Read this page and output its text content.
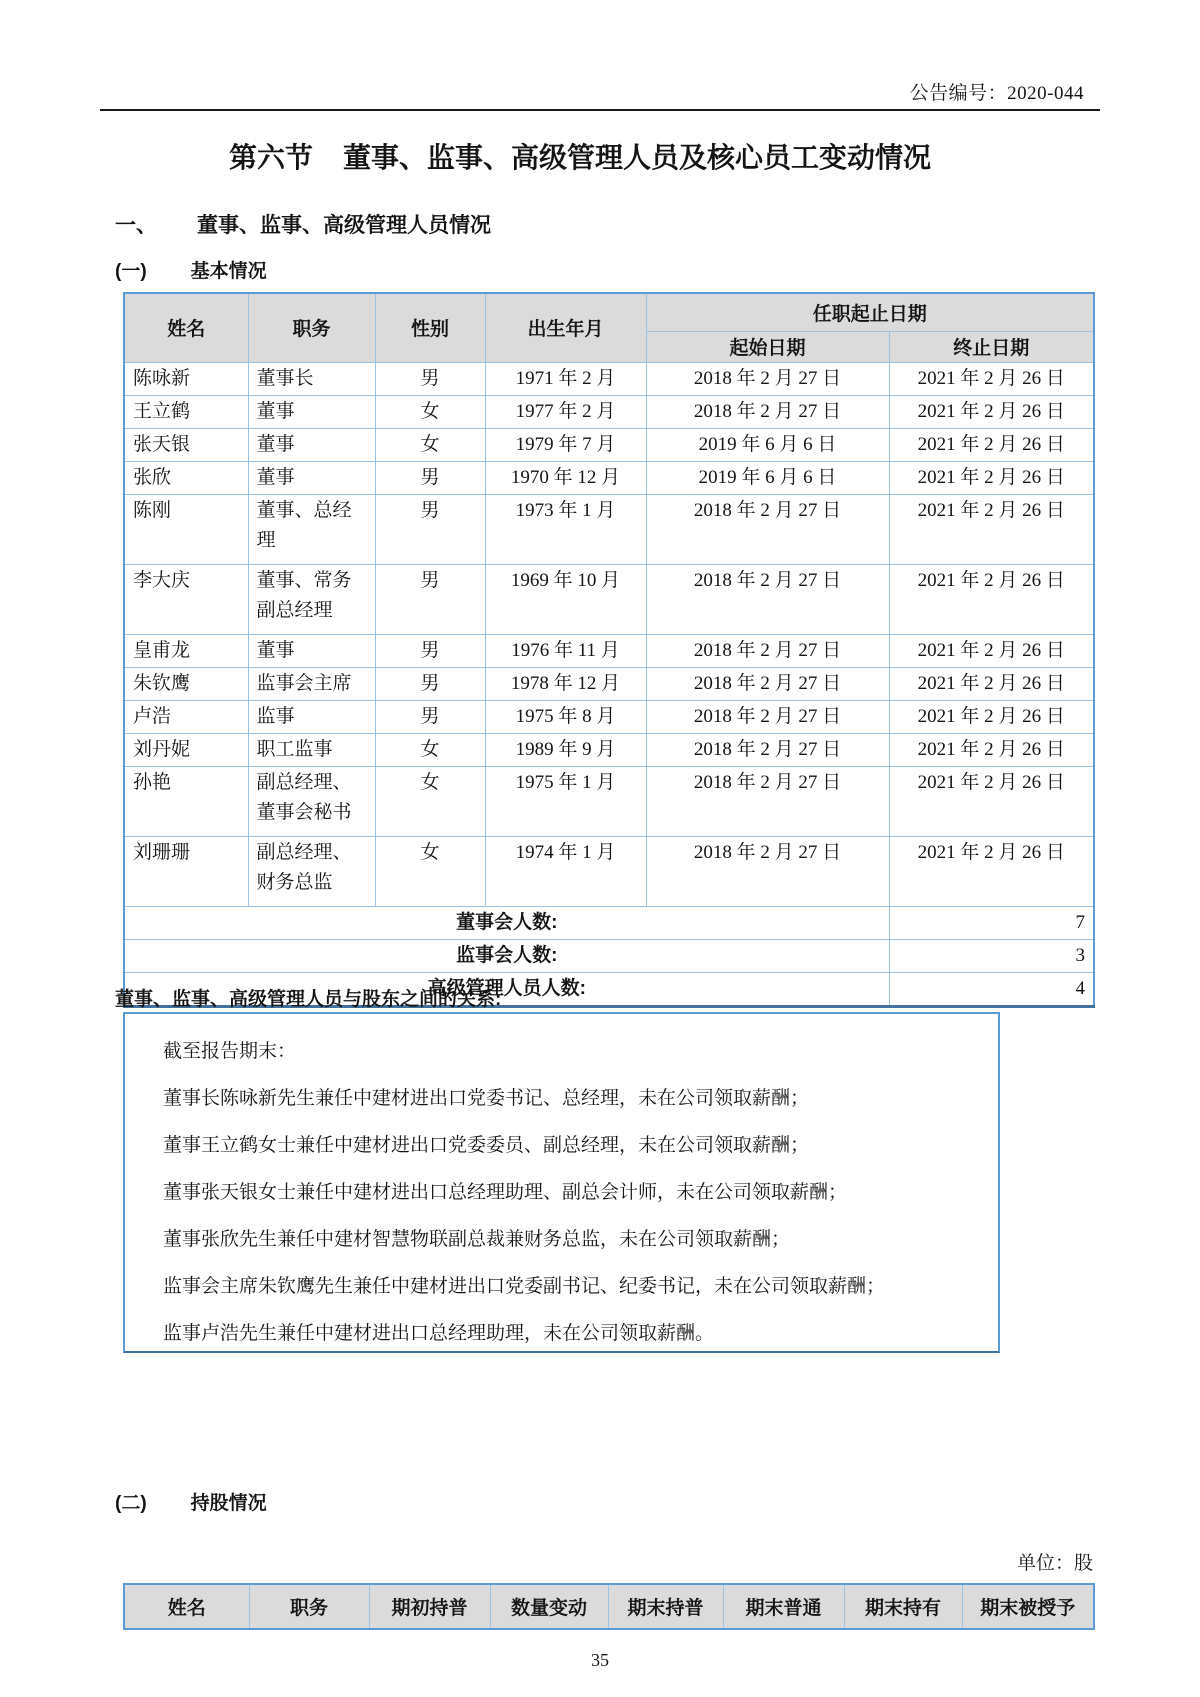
公告编号：2020-044
第六节 董事、监事、高级管理人员及核心员工变动情况
一、 董事、监事、高级管理人员情况
(一) 基本情况
姓名	职务	性别	出生年月	任职起止日期	
				起始日期	终止日期
陈咏新	董事长	男	1971 年 2 月	2018 年 2 月 27 日	2021 年 2 月 26 日
王立鹤	董事	女	1977 年 2 月	2018 年 2 月 27 日	2021 年 2 月 26 日
张天银	董事	女	1979 年 7 月	2019 年 6 月 6 日	2021 年 2 月 26 日
张欣	董事	男	1970 年 12 月	2019 年 6 月 6 日	2021 年 2 月 26 日
陈刚	董事、总经理	男	1973 年 1 月	2018 年 2 月 27 日	2021 年 2 月 26 日
李大庆	董事、常务副总经理	男	1969 年 10 月	2018 年 2 月 27 日	2021 年 2 月 26 日
皇甫龙	董事	男	1976 年 11 月	2018 年 2 月 27 日	2021 年 2 月 26 日
朱钦鹰	监事会主席	男	1978 年 12 月	2018 年 2 月 27 日	2021 年 2 月 26 日
卢浩	监事	男	1975 年 8 月	2018 年 2 月 27 日	2021 年 2 月 26 日
刘丹妮	职工监事	女	1989 年 9 月	2018 年 2 月 27 日	2021 年 2 月 26 日
孙艳	副总经理、董事会秘书	女	1975 年 1 月	2018 年 2 月 27 日	2021 年 2 月 26 日
刘珊珊	副总经理、财务总监	女	1974 年 1 月	2018 年 2 月 27 日	2021 年 2 月 26 日
董事会人数:					7
监事会人数:					3
高级管理人员人数:					4
董事、监事、高级管理人员与股东之间的关系:

截至报告期末：

董事长陈咏新先生兼任中建材进出口党委书记、总经理，未在公司领取薪酬；

董事王立鹤女士兼任中建材进出口党委委员、副总经理，未在公司领取薪酬；

董事张天银女士兼任中建材进出口总经理助理、副总会计师，未在公司领取薪酬；

董事张欣先生兼任中建材智慧物联副总裁兼财务总监，未在公司领取薪酬；

监事会主席朱钦鹰先生兼任中建材进出口党委副书记、纪委书记，未在公司领取薪酬；

监事卢浩先生兼任中建材进出口总经理助理，未在公司领取薪酬。

(二) 持股情况
单位：股
姓名	职务	期初持普	数量变动	期末持普	期末普通	期末持有	期末被授予
35
